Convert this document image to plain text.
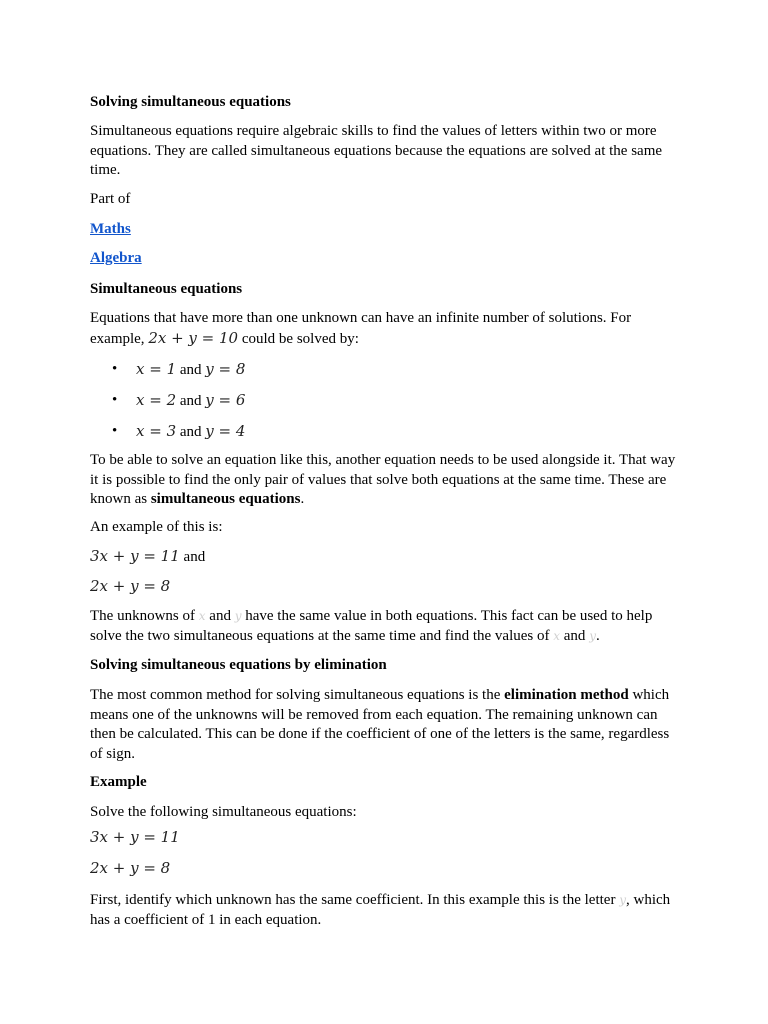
Solving simultaneous equations

Simultaneous equations require algebraic skills to find the values of letters within two or more equations. They are called simultaneous equations because the equations are solved at the same time.

Part of

Maths

Algebra

Simultaneous equations

Equations that have more than one unknown can have an infinite number of solutions. For example, 2x + y = 10 could be solved by:

• x = 1 and y = 8
• x = 2 and y = 6
• x = 3 and y = 4

To be able to solve an equation like this, another equation needs to be used alongside it. That way it is possible to find the only pair of values that solve both equations at the same time. These are known as simultaneous equations.

An example of this is:

3x + y = 11 and

2x + y = 8

The unknowns of x and y have the same value in both equations. This fact can be used to help solve the two simultaneous equations at the same time and find the values of x and y.

Solving simultaneous equations by elimination

The most common method for solving simultaneous equations is the elimination method which means one of the unknowns will be removed from each equation. The remaining unknown can then be calculated. This can be done if the coefficient of one of the letters is the same, regardless of sign.

Example

Solve the following simultaneous equations:

3x + y = 11

2x + y = 8

First, identify which unknown has the same coefficient. In this example this is the letter y, which has a coefficient of 1 in each equation.
